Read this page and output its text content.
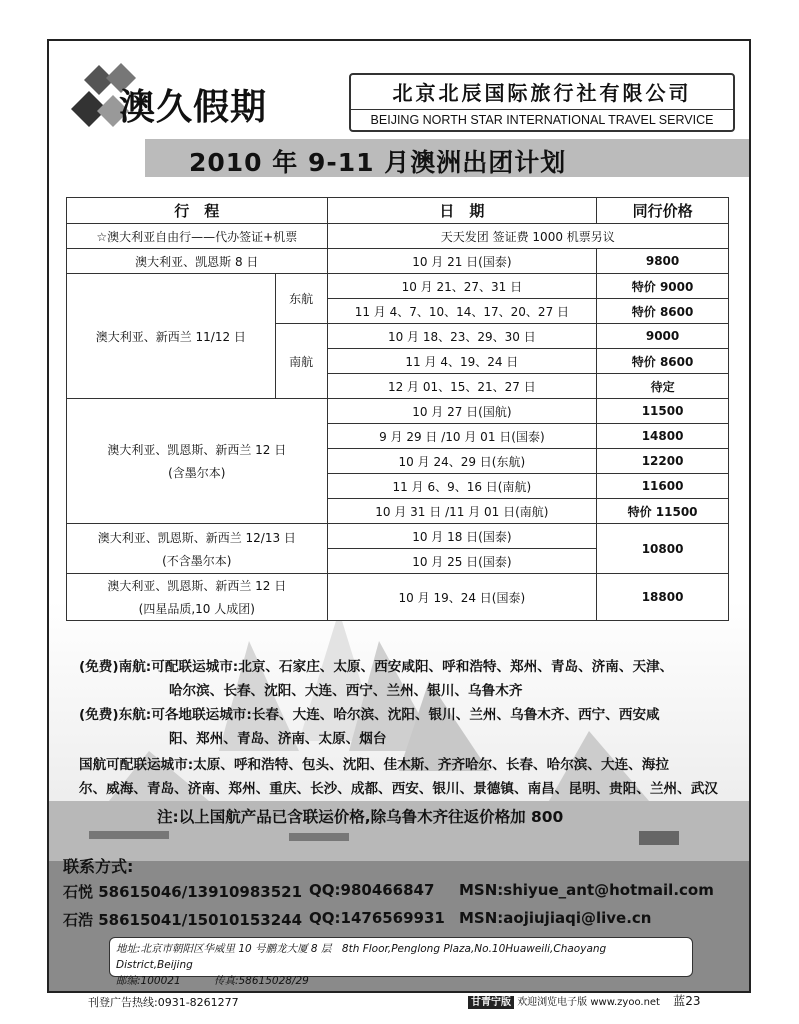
澳久假期	北京北辰国际旅行社有限公司
BEIJING NORTH STAR INTERNATIONAL TRAVEL SERVICE
2010 年 9-11 月澳洲出团计划
行　程		日　期	同行价格
☆澳大利亚自由行——代办签证+机票		天天发团 签证费 1000 机票另议	
澳大利亚、凯恩斯 8 日		10 月 21 日(国泰)	9800
澳大利亚、新西兰 11/12 日	东航	10 月 21、27、31 日	特价 9000
		11 月 4、7、10、14、17、20、27 日	特价 8600
	南航	10 月 18、23、29、30 日	9000
		11 月 4、19、24 日	特价 8600
		12 月 01、15、21、27 日	待定

澳大利亚、凯恩斯、新西兰 12 日
(含墨尔本)		10 月 27 日(国航)	11500
		9 月 29 日 /10 月 01 日(国泰)	14800
		10 月 24、29 日(东航)	12200
		11 月 6、9、16 日(南航)	11600
		10 月 31 日 /11 月 01 日(南航)	特价 11500

澳大利亚、凯恩斯、新西兰 12/13 日
(不含墨尔本)		10 月 18 日(国泰)	10800
		10 月 25 日(国泰)	

澳大利亚、凯恩斯、新西兰 12 日
(四星品质,10 人成团)		10 月 19、24 日(国泰)	18800
(免费)南航:可配联运城市:北京、石家庄、太原、西安咸阳、呼和浩特、郑州、青岛、济南、天津、
哈尔滨、长春、沈阳、大连、西宁、兰州、银川、乌鲁木齐
(免费)东航:可各地联运城市:长春、大连、哈尔滨、沈阳、银川、兰州、乌鲁木齐、西宁、西安咸
阳、郑州、青岛、济南、太原、烟台
国航可配联运城市:太原、呼和浩特、包头、沈阳、佳木斯、齐齐哈尔、长春、哈尔滨、大连、海拉
尔、威海、青岛、济南、郑州、重庆、长沙、成都、西安、银川、景德镇、南昌、昆明、贵阳、兰州、武汉
注:以上国航产品已含联运价格,除乌鲁木齐往返价格加 800
联系方式:
石悦 58615046/13910983521 QQ:980466847 MSN:shiyue_ant@hotmail.com
石浩 58615041/15010153244 QQ:1476569931 MSN:aojiujiaqi@live.cn
地址:北京市朝阳区华威里 10 号鹏龙大厦 8 层　8th Floor,Penglong Plaza,No.10Huaweili,Chaoyang District,Beijing
邮编:100021	传真:58615028/29
刊登广告热线:0931-8261277	甘青宁版 欢迎浏览电子版 www.zyoo.net 蓝23
